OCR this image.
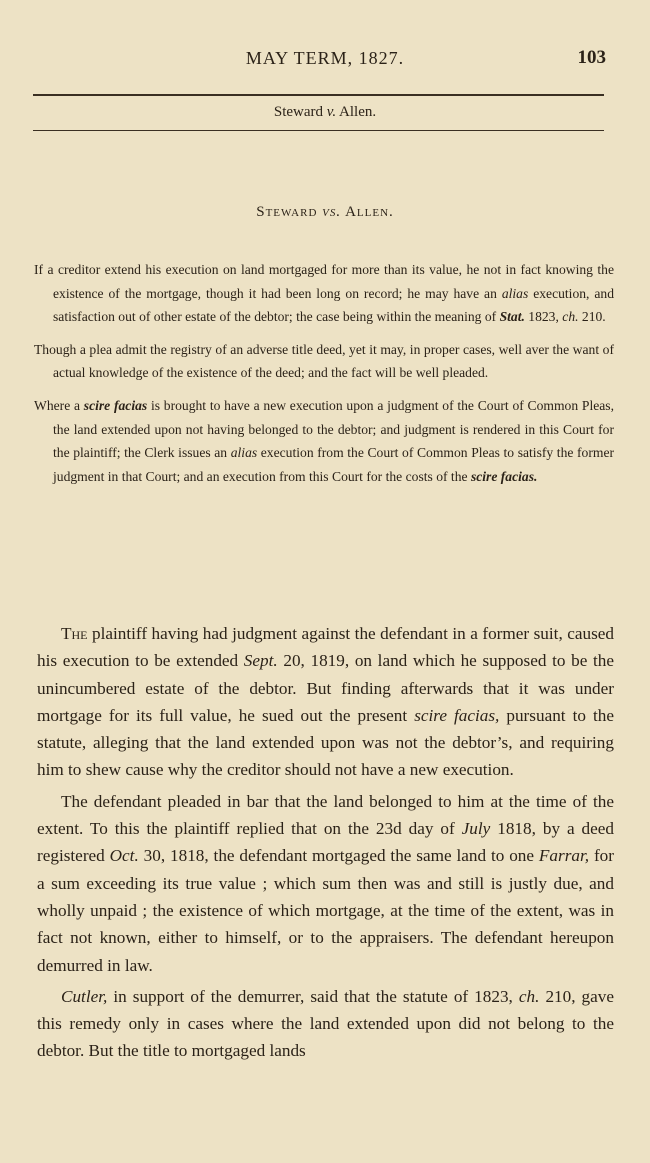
MAY TERM, 1827.	103
Steward v. Allen.
Steward vs. Allen.

If a creditor extend his execution on land mortgaged for more than its value, he not in fact knowing the existence of the mortgage, though it had been long on record; he may have an alias execution, and satisfaction out of other estate of the debtor; the case being within the meaning of Stat. 1823, ch. 210.

Though a plea admit the registry of an adverse title deed, yet it may, in proper cases, well aver the want of actual knowledge of the existence of the deed; and the fact will be well pleaded.

Where a scire facias is brought to have a new execution upon a judgment of the Court of Common Pleas, the land extended upon not having belonged to the debtor; and judgment is rendered in this Court for the plaintiff; the Clerk issues an alias execution from the Court of Common Pleas to satisfy the former judgment in that Court; and an execution from this Court for the costs of the scire facias.

The plaintiff having had judgment against the defendant in a former suit, caused his execution to be extended Sept. 20, 1819, on land which he supposed to be the unincumbered estate of the debtor. But finding afterwards that it was under mortgage for its full value, he sued out the present scire facias, pursuant to the statute, alleging that the land extended upon was not the debtor’s, and requiring him to shew cause why the creditor should not have a new execution.

The defendant pleaded in bar that the land belonged to him at the time of the extent. To this the plaintiff replied that on the 23d day of July 1818, by a deed registered Oct. 30, 1818, the defendant mortgaged the same land to one Farrar, for a sum exceeding its true value ; which sum then was and still is justly due, and wholly unpaid ; the existence of which mortgage, at the time of the extent, was in fact not known, either to himself, or to the appraisers. The defendant hereupon demurred in law.

Cutler, in support of the demurrer, said that the statute of 1823, ch. 210, gave this remedy only in cases where the land extended upon did not belong to the debtor. But the title to mortgaged lands
